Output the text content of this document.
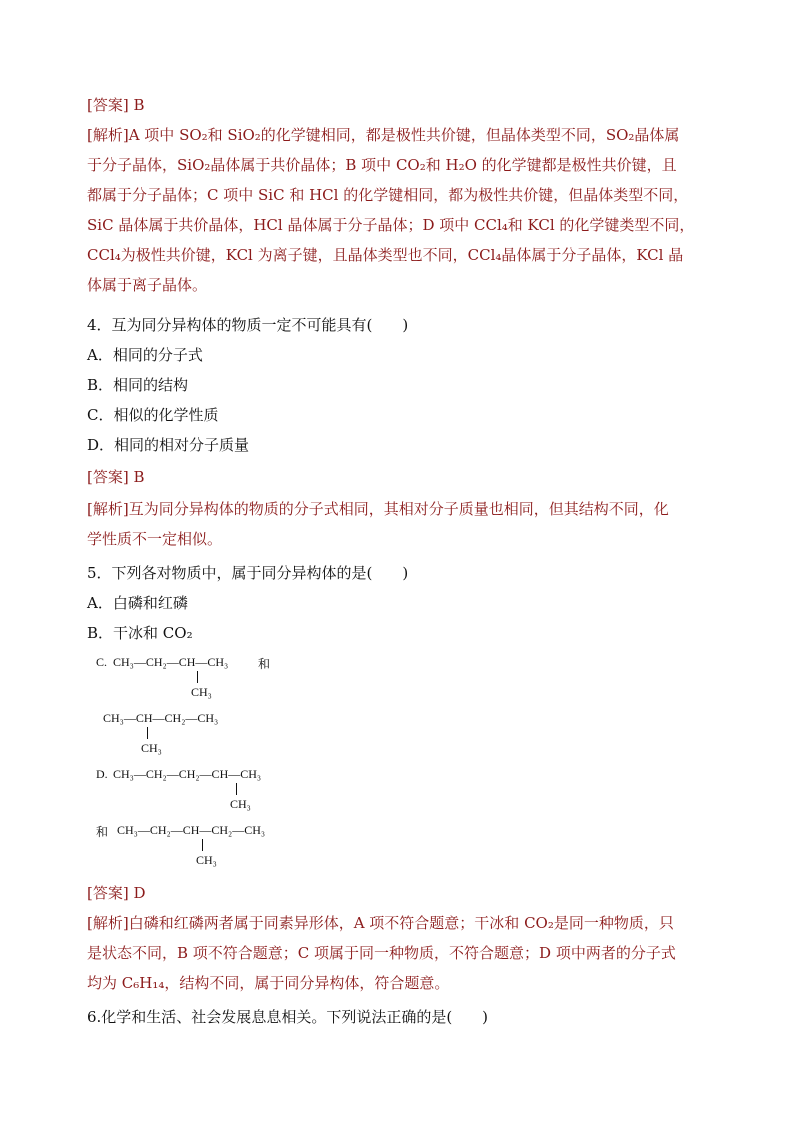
[答案] B
[解析]A 项中 SO₂和 SiO₂的化学键相同，都是极性共价键，但晶体类型不同，SO₂晶体属
于分子晶体，SiO₂晶体属于共价晶体；B 项中 CO₂和 H₂O 的化学键都是极性共价键，且
都属于分子晶体；C 项中 SiC 和 HCl 的化学键相同，都为极性共价键，但晶体类型不同，
SiC 晶体属于共价晶体，HCl 晶体属于分子晶体；D 项中 CCl₄和 KCl 的化学键类型不同，
CCl₄为极性共价键，KCl 为离子键，且晶体类型也不同，CCl₄晶体属于分子晶体，KCl 晶
体属于离子晶体。
4．互为同分异构体的物质一定不可能具有(　　)
A．相同的分子式
B．相同的结构
C．相似的化学性质
D．相同的相对分子质量
[答案] B
[解析]互为同分异构体的物质的分子式相同，其相对分子质量也相同，但其结构不同，化
学性质不一定相似。
5．下列各对物质中，属于同分异构体的是(　　)
A．白磷和红磷
B．干冰和 CO₂
C. CH₃—CH₂—CH—CH₃ 和
CH₃
CH₃—CH—CH₂—CH₃
CH₃
D. CH₃—CH₂—CH₂—CH—CH₃
CH₃
和 CH₃—CH₂—CH—CH₂—CH₃
CH₃
[答案] D
[解析]白磷和红磷两者属于同素异形体，A 项不符合题意；干冰和 CO₂是同一种物质，只
是状态不同，B 项不符合题意；C 项属于同一种物质，不符合题意；D 项中两者的分子式
均为 C₆H₁₄，结构不同，属于同分异构体，符合题意。
6.化学和生活、社会发展息息相关。下列说法正确的是(　　)
